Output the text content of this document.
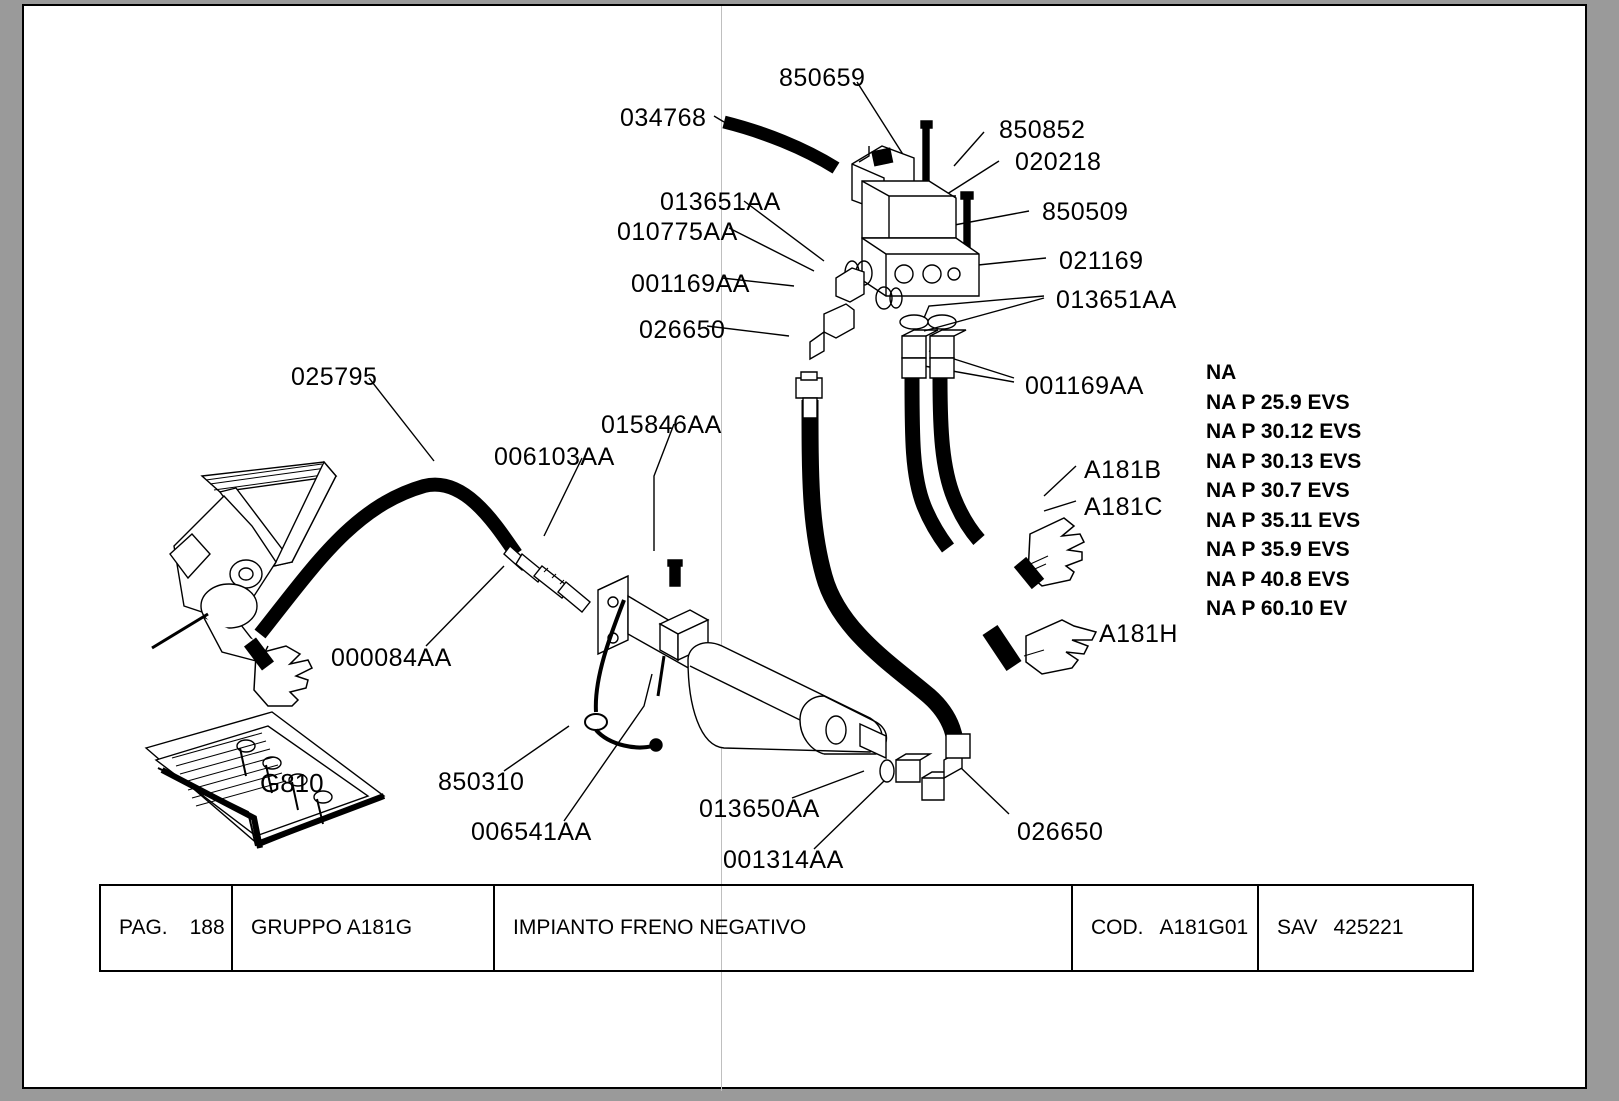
034768
850659
850852
020218
850509
021169
013651AA
013651AA
010775AA
001169AA
026650
001169AA
025795
015846AA
006103AA	A181B
A181C
A181H
000084AA
850310
006541AA
013650AA
001314AA
026650
G810
NA
NA P 25.9 EVS
NA P 30.12 EVS
NA P 30.13 EVS
NA P 30.7 EVS
NA P 35.11 EVS
NA P 35.9 EVS
NA P 40.8 EVS
NA P 60.10 EV
PAG. 188	GRUPPO A181G	IMPIANTO FRENO NEGATIVO	COD. A181G01 SAV 425221
